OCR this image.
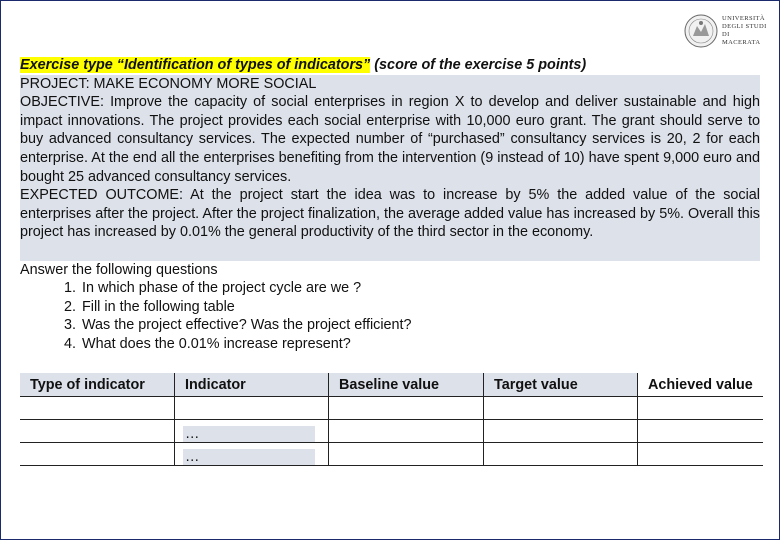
UNIVERSITÀ
DEGLI STUDI DI
MACERATA
Exercise type “Identification of types of indicators” (score of the exercise 5 points)
PROJECT: MAKE ECONOMY MORE SOCIAL
OBJECTIVE: Improve the capacity of social enterprises in region X to develop and deliver sustainable and high impact innovations. The project provides each social enterprise with 10,000 euro grant. The grant should serve to buy advanced consultancy services. The expected number of “purchased” consultancy services is 20, 2 for each enterprise. At the end all the enterprises benefiting from the intervention (9 instead of 10) have spent 9,000 euro and bought 25 advanced consultancy services.
EXPECTED OUTCOME: At the project start the idea was to increase by 5% the added value of the social enterprises after the project. After the project finalization, the average added value has increased by 5%. Overall this project has increased by 0.01% the general productivity of the third sector in the economy.
Answer the following questions
1. In which phase of the project cycle are we ?
2. Fill in the following table
3. Was the project effective? Was the project efficient?
4. What does the 0.01% increase represent?
Type of indicator	Indicator	Baseline value	Target value	Achieved value

	…			
	…			
